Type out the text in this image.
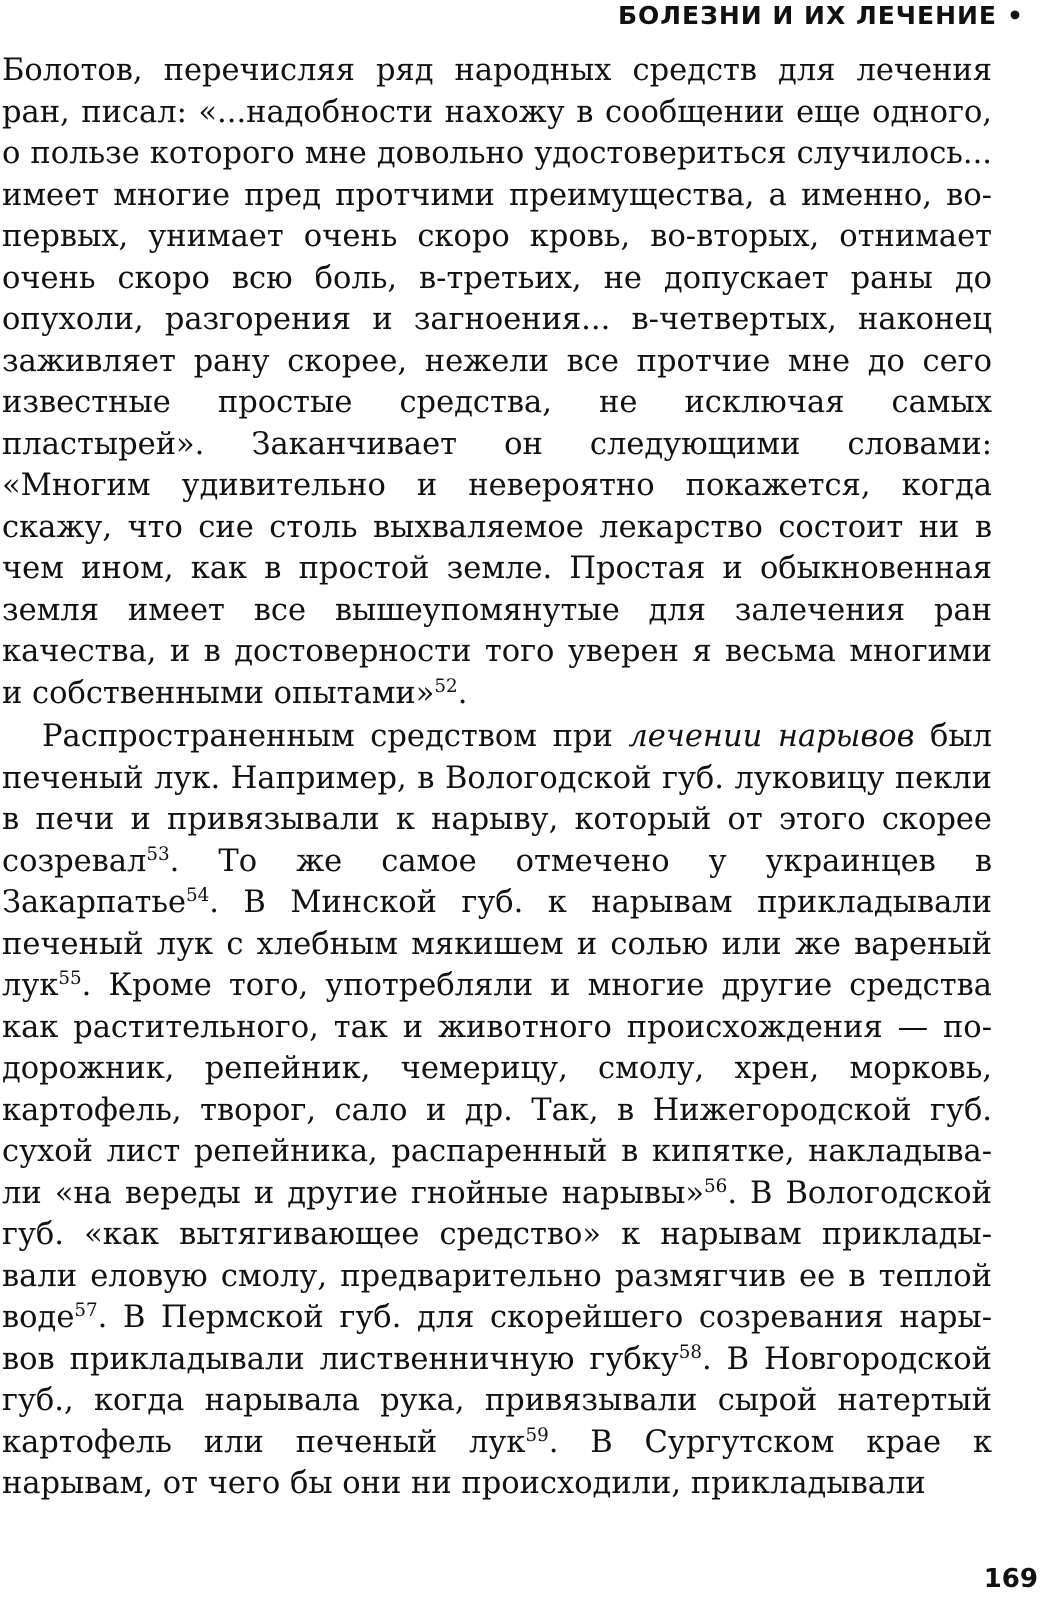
БОЛЕЗНИ И ИХ ЛЕЧЕНИЕ •

Болотов, перечисляя ряд народных средств для лечения ран, писал: «...надобности нахожу в сообщении еще одного, о пользе которого мне довольно удостовериться случилось... имеет многие пред протчими преимущества, а именно, во-первых, унимает очень скоро кровь, во-вторых, отнимает очень скоро всю боль, в-третьих, не допускает раны до опухоли, разгорения и загноения... в-четвертых, наконец заживляет рану скорее, нежели все протчие мне до сего известные простые средства, не исключая самых пластырей». Заканчивает он следующими словами: «Многим удивительно и невероятно покажется, когда скажу, что сие столь выхваляемое лекарство состоит ни в чем ином, как в простой земле. Простая и обыкновенная земля имеет все вышеупомянутые для залечения ран качества, и в достоверности того уверен я весьма многими и собственными опытами»$^{52}$.

Распространенным средством при лечении нарывов был печеный лук. Например, в Вологодской губ. луковицу пекли в печи и привязывали к нарыву, который от этого скорее созревал$^{53}$. То же самое отмечено у украинцев в Закарпатье$^{54}$. В Минской губ. к нарывам прикладывали печеный лук с хлебным мякишем и солью или же вареный лук$^{55}$. Кроме того, употребляли и многие другие средства как растительного, так и животного происхождения — подорожник, репейник, чемерицу, смолу, хрен, морковь, картофель, творог, сало и др. Так, в Нижегородской губ. сухой лист репейника, распаренный в кипятке, накладывали «на вереды и другие гнойные нарывы»$^{56}$. В Вологодской губ. «как вытягивающее средство» к нарывам прикладывали еловую смолу, предварительно размягчив ее в теплой воде$^{57}$. В Пермской губ. для скорейшего созревания нарывов прикладывали лиственничную губку$^{58}$. В Новгородской губ., когда нарывала рука, привязывали сырой натертый картофель или печеный лук$^{59}$. В Сургутском крае к нарывам, от чего бы они ни происходили, прикладывали

169
